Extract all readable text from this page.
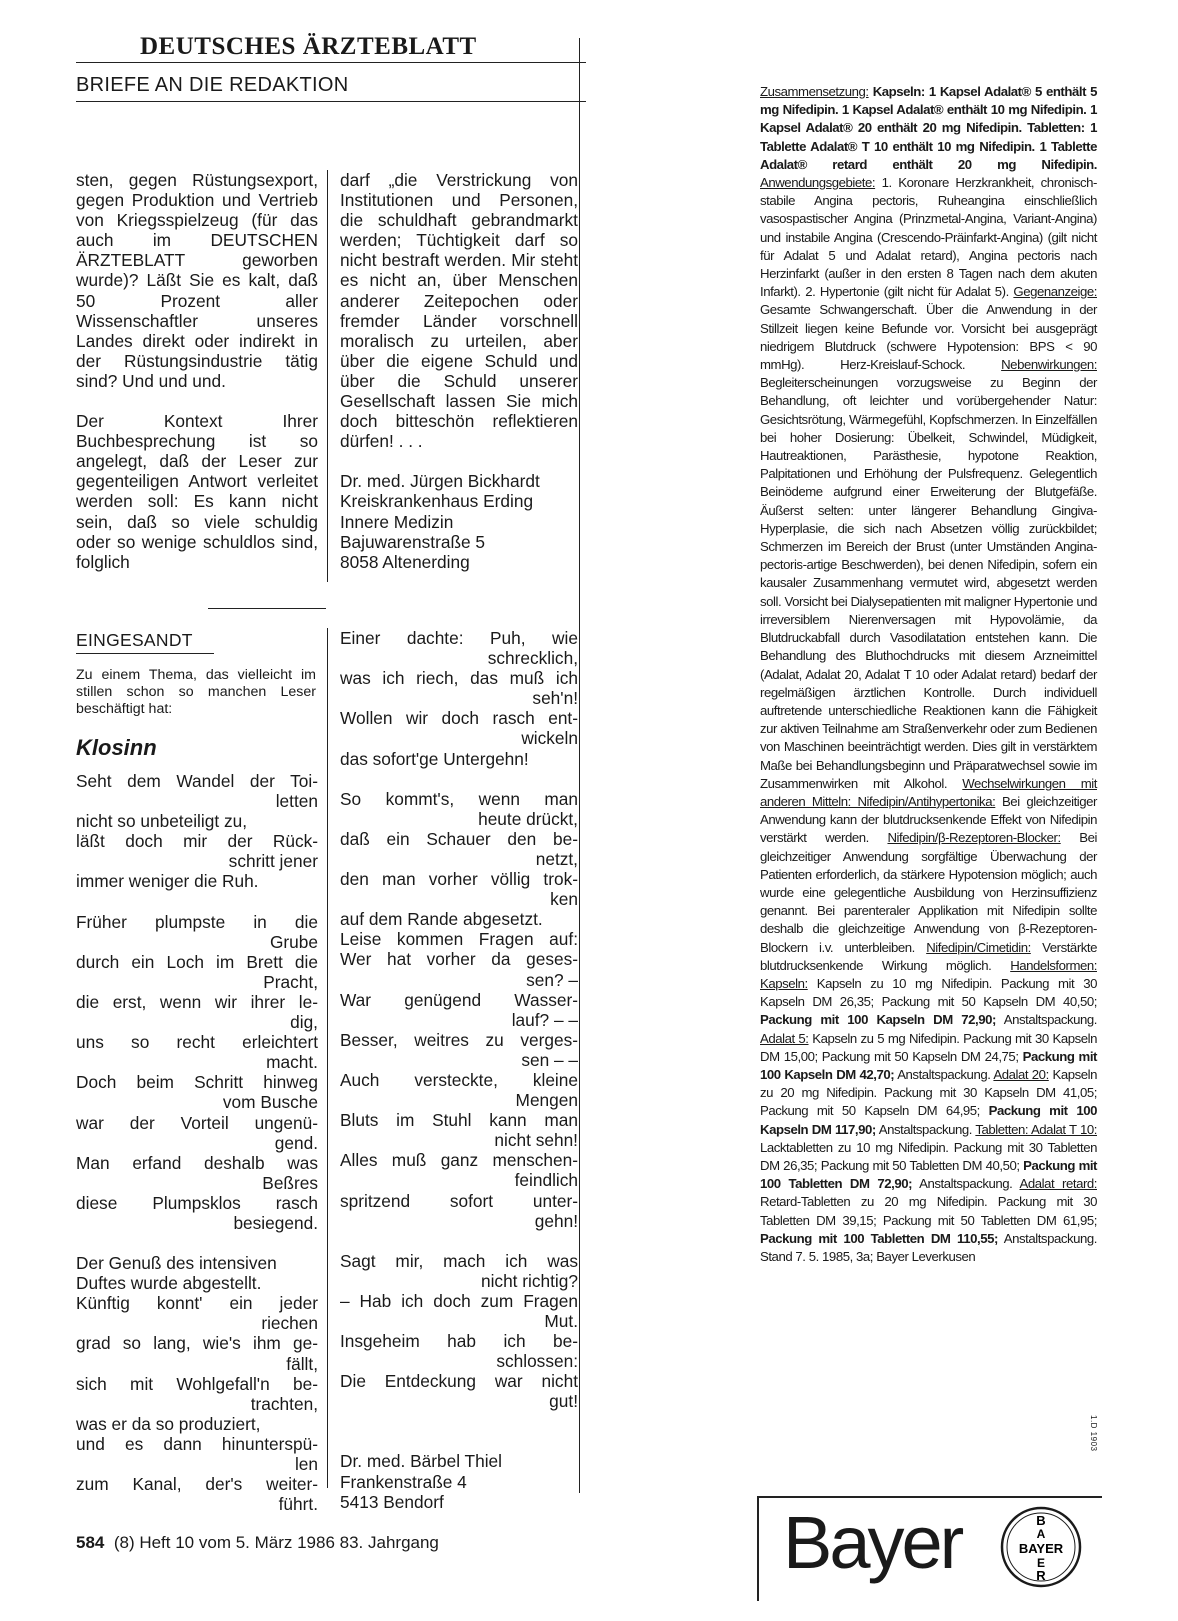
DEUTSCHES ÄRZTEBLATT
BRIEFE AN DIE REDAKTION

sten, gegen Rüstungsexport, gegen Produktion und Vertrieb von Kriegsspielzeug (für das auch im DEUTSCHEN ÄRZTEBLATT geworben wurde)? Läßt Sie es kalt, daß 50 Prozent aller Wissenschaftler unseres Landes direkt oder indirekt in der Rüstungsindustrie tätig sind? Und und und.

Der Kontext Ihrer Buchbesprechung ist so angelegt, daß der Leser zur gegenteiligen Antwort verleitet werden soll: Es kann nicht sein, daß so viele schuldig oder so wenige schuldlos sind, folglich

darf „die Verstrickung von Institutionen und Personen, die schuldhaft gebrandmarkt werden; Tüchtigkeit darf so nicht bestraft werden. Mir steht es nicht an, über Menschen anderer Zeitepochen oder fremder Länder vorschnell moralisch zu urteilen, aber über die eigene Schuld und über die Schuld unserer Gesellschaft lassen Sie mich doch bitteschön reflektieren dürfen! . . .

Dr. med. Jürgen Bickhardt
Kreiskrankenhaus Erding
Innere Medizin
Bajuwarenstraße 5
8058 Altenerding
EINGESANDT
Zu einem Thema, das vielleicht im stillen schon so manchen Leser beschäftigt hat:
Klosinn
Seht dem Wandel der Toi-
letten
nicht so unbeteiligt zu,
läßt doch mir der Rück-
schritt jener
immer weniger die Ruh.
Früher plumpste in die
Grube
durch ein Loch im Brett die
Pracht,
die erst, wenn wir ihrer le-
dig,
uns so recht erleichtert
macht.
Doch beim Schritt hinweg
vom Busche
war der Vorteil ungenü-
gend.
Man erfand deshalb was
Beßres
diese Plumpsklos rasch
besiegend.
Der Genuß des intensiven
Duftes wurde abgestellt.
Künftig konnt' ein jeder
riechen
grad so lang, wie's ihm ge-
fällt,
sich mit Wohlgefall'n be-
trachten,
was er da so produziert,
und es dann hinunterspü-
len
zum Kanal, der's weiter-
führt.
Einer dachte: Puh, wie
schrecklich,
was ich riech, das muß ich
seh'n!
Wollen wir doch rasch ent-
wickeln
das sofort'ge Untergehn!
So kommt's, wenn man
heute drückt,
daß ein Schauer den be-
netzt,
den man vorher völlig trok-
ken
auf dem Rande abgesetzt.
Leise kommen Fragen auf:
Wer hat vorher da geses-
sen? –
War genügend Wasser-
lauf? – –
Besser, weitres zu verges-
sen – –
Auch versteckte, kleine
Mengen
Bluts im Stuhl kann man
nicht sehn!
Alles muß ganz menschen-
feindlich
spritzend sofort unter-
gehn!
Sagt mir, mach ich was
nicht richtig?
– Hab ich doch zum Fragen
Mut.
Insgeheim hab ich be-
schlossen:
Die Entdeckung war nicht
gut!
Dr. med. Bärbel Thiel
Frankenstraße 4
5413 Bendorf
584 (8) Heft 10 vom 5. März 1986 83. Jahrgang
Zusammensetzung: Kapseln: 1 Kapsel Adalat® 5 enthält 5 mg Nifedipin. 1 Kapsel Adalat® enthält 10 mg Nifedipin. 1 Kapsel Adalat® 20 enthält 20 mg Nifedipin. Tabletten: 1 Tablette Adalat® T 10 enthält 10 mg Nifedipin. 1 Tablette Adalat® retard enthält 20 mg Nifedipin. Anwendungsgebiete: 1. Koronare Herzkrankheit, chronisch-stabile Angina pectoris, Ruheangina einschließlich vasospastischer Angina (Prinzmetal-Angina, Variant-Angina) und instabile Angina (Crescendo-Präinfarkt-Angina) (gilt nicht für Adalat 5 und Adalat retard), Angina pectoris nach Herzinfarkt (außer in den ersten 8 Tagen nach dem akuten Infarkt). 2. Hypertonie (gilt nicht für Adalat 5). Gegenanzeige: Gesamte Schwangerschaft. Über die Anwendung in der Stillzeit liegen keine Befunde vor. Vorsicht bei ausgeprägt niedrigem Blutdruck (schwere Hypotension: BPS < 90 mmHg). Herz-Kreislauf-Schock. Nebenwirkungen: Begleiterscheinungen vorzugsweise zu Beginn der Behandlung, oft leichter und vorübergehender Natur: Gesichtsrötung, Wärmegefühl, Kopfschmerzen. In Einzelfällen bei hoher Dosierung: Übelkeit, Schwindel, Müdigkeit, Hautreaktionen, Parästhesie, hypotone Reaktion, Palpitationen und Erhöhung der Pulsfrequenz. Gelegentlich Beinödeme aufgrund einer Erweiterung der Blutgefäße. Äußerst selten: unter längerer Behandlung Gingiva-Hyperplasie, die sich nach Absetzen völlig zurückbildet; Schmerzen im Bereich der Brust (unter Umständen Angina-pectoris-artige Beschwerden), bei denen Nifedipin, sofern ein kausaler Zusammenhang vermutet wird, abgesetzt werden soll. Vorsicht bei Dialysepatienten mit maligner Hypertonie und irreversiblem Nierenversagen mit Hypovolämie, da Blutdruckabfall durch Vasodilatation entstehen kann. Die Behandlung des Bluthochdrucks mit diesem Arzneimittel (Adalat, Adalat 20, Adalat T 10 oder Adalat retard) bedarf der regelmäßigen ärztlichen Kontrolle. Durch individuell auftretende unterschiedliche Reaktionen kann die Fähigkeit zur aktiven Teilnahme am Straßenverkehr oder zum Bedienen von Maschinen beeinträchtigt werden. Dies gilt in verstärktem Maße bei Behandlungsbeginn und Präparatwechsel sowie im Zusammenwirken mit Alkohol. Wechselwirkungen mit anderen Mitteln: Nifedipin/Antihypertonika: Bei gleichzeitiger Anwendung kann der blutdrucksenkende Effekt von Nifedipin verstärkt werden. Nifedipin/β-Rezeptoren-Blocker: Bei gleichzeitiger Anwendung sorgfältige Überwachung der Patienten erforderlich, da stärkere Hypotension möglich; auch wurde eine gelegentliche Ausbildung von Herzinsuffizienz genannt. Bei parenteraler Applikation mit Nifedipin sollte deshalb die gleichzeitige Anwendung von β-Rezeptoren-Blockern i.v. unterbleiben. Nifedipin/Cimetidin: Verstärkte blutdrucksenkende Wirkung möglich. Handelsformen: Kapseln: Kapseln zu 10 mg Nifedipin. Packung mit 30 Kapseln DM 26,35; Packung mit 50 Kapseln DM 40,50; Packung mit 100 Kapseln DM 72,90; Anstaltspackung. Adalat 5: Kapseln zu 5 mg Nifedipin. Packung mit 30 Kapseln DM 15,00; Packung mit 50 Kapseln DM 24,75; Packung mit 100 Kapseln DM 42,70; Anstaltspackung. Adalat 20: Kapseln zu 20 mg Nifedipin. Packung mit 30 Kapseln DM 41,05; Packung mit 50 Kapseln DM 64,95; Packung mit 100 Kapseln DM 117,90; Anstaltspackung. Tabletten: Adalat T 10: Lacktabletten zu 10 mg Nifedipin. Packung mit 30 Tabletten DM 26,35; Packung mit 50 Tabletten DM 40,50; Packung mit 100 Tabletten DM 72,90; Anstaltspackung. Adalat retard: Retard-Tabletten zu 20 mg Nifedipin. Packung mit 30 Tabletten DM 39,15; Packung mit 50 Tabletten DM 61,95; Packung mit 100 Tabletten DM 110,55; Anstaltspackung. Stand 7. 5. 1985, 3a; Bayer Leverkusen
1.D 1903
Bayer	B
A
BAYER
E
R
